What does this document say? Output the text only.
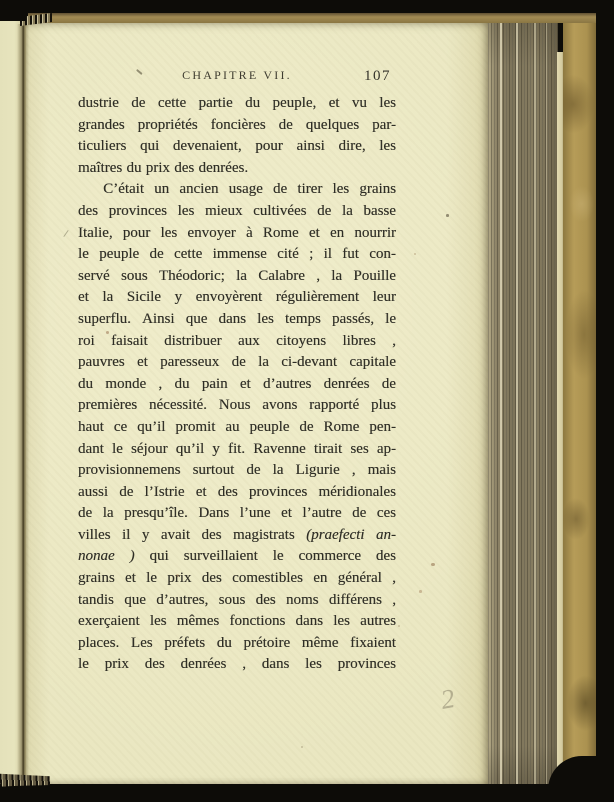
CHAPITRE VII.	107
dustrie de cette partie du peuple, et vu les
grandes propriétés foncières de quelques par-
ticuliers qui devenaient, pour ainsi dire, les
maîtres du prix des denrées.
C’était un ancien usage de tirer les grains
des provinces les mieux cultivées de la basse
Italie, pour les envoyer à Rome et en nourrir
le peuple de cette immense cité ; il fut con-
servé sous Théodoric; la Calabre , la Pouille
et la Sicile y envoyèrent régulièrement leur
superflu. Ainsi que dans les temps passés, le
roi faisait distribuer aux citoyens libres ,
pauvres et paresseux de la ci-devant capitale
du monde , du pain et d’autres denrées de
premières nécessité. Nous avons rapporté plus
haut ce qu’il promit au peuple de Rome pen-
dant le séjour qu’il y fit. Ravenne tirait ses ap-
provisionnemens surtout de la Ligurie , mais
aussi de l’Istrie et des provinces méridionales
de la presqu’île. Dans l’une et l’autre de ces
villes il y avait des magistrats (praefecti an-
nonae ) qui surveillaient le commerce des
grains et le prix des comestibles en général ,
tandis que d’autres, sous des noms différens ,
exerçaient les mêmes fonctions dans les autres
places. Les préfets du prétoire même fixaient
le prix des denrées , dans les provinces
2
